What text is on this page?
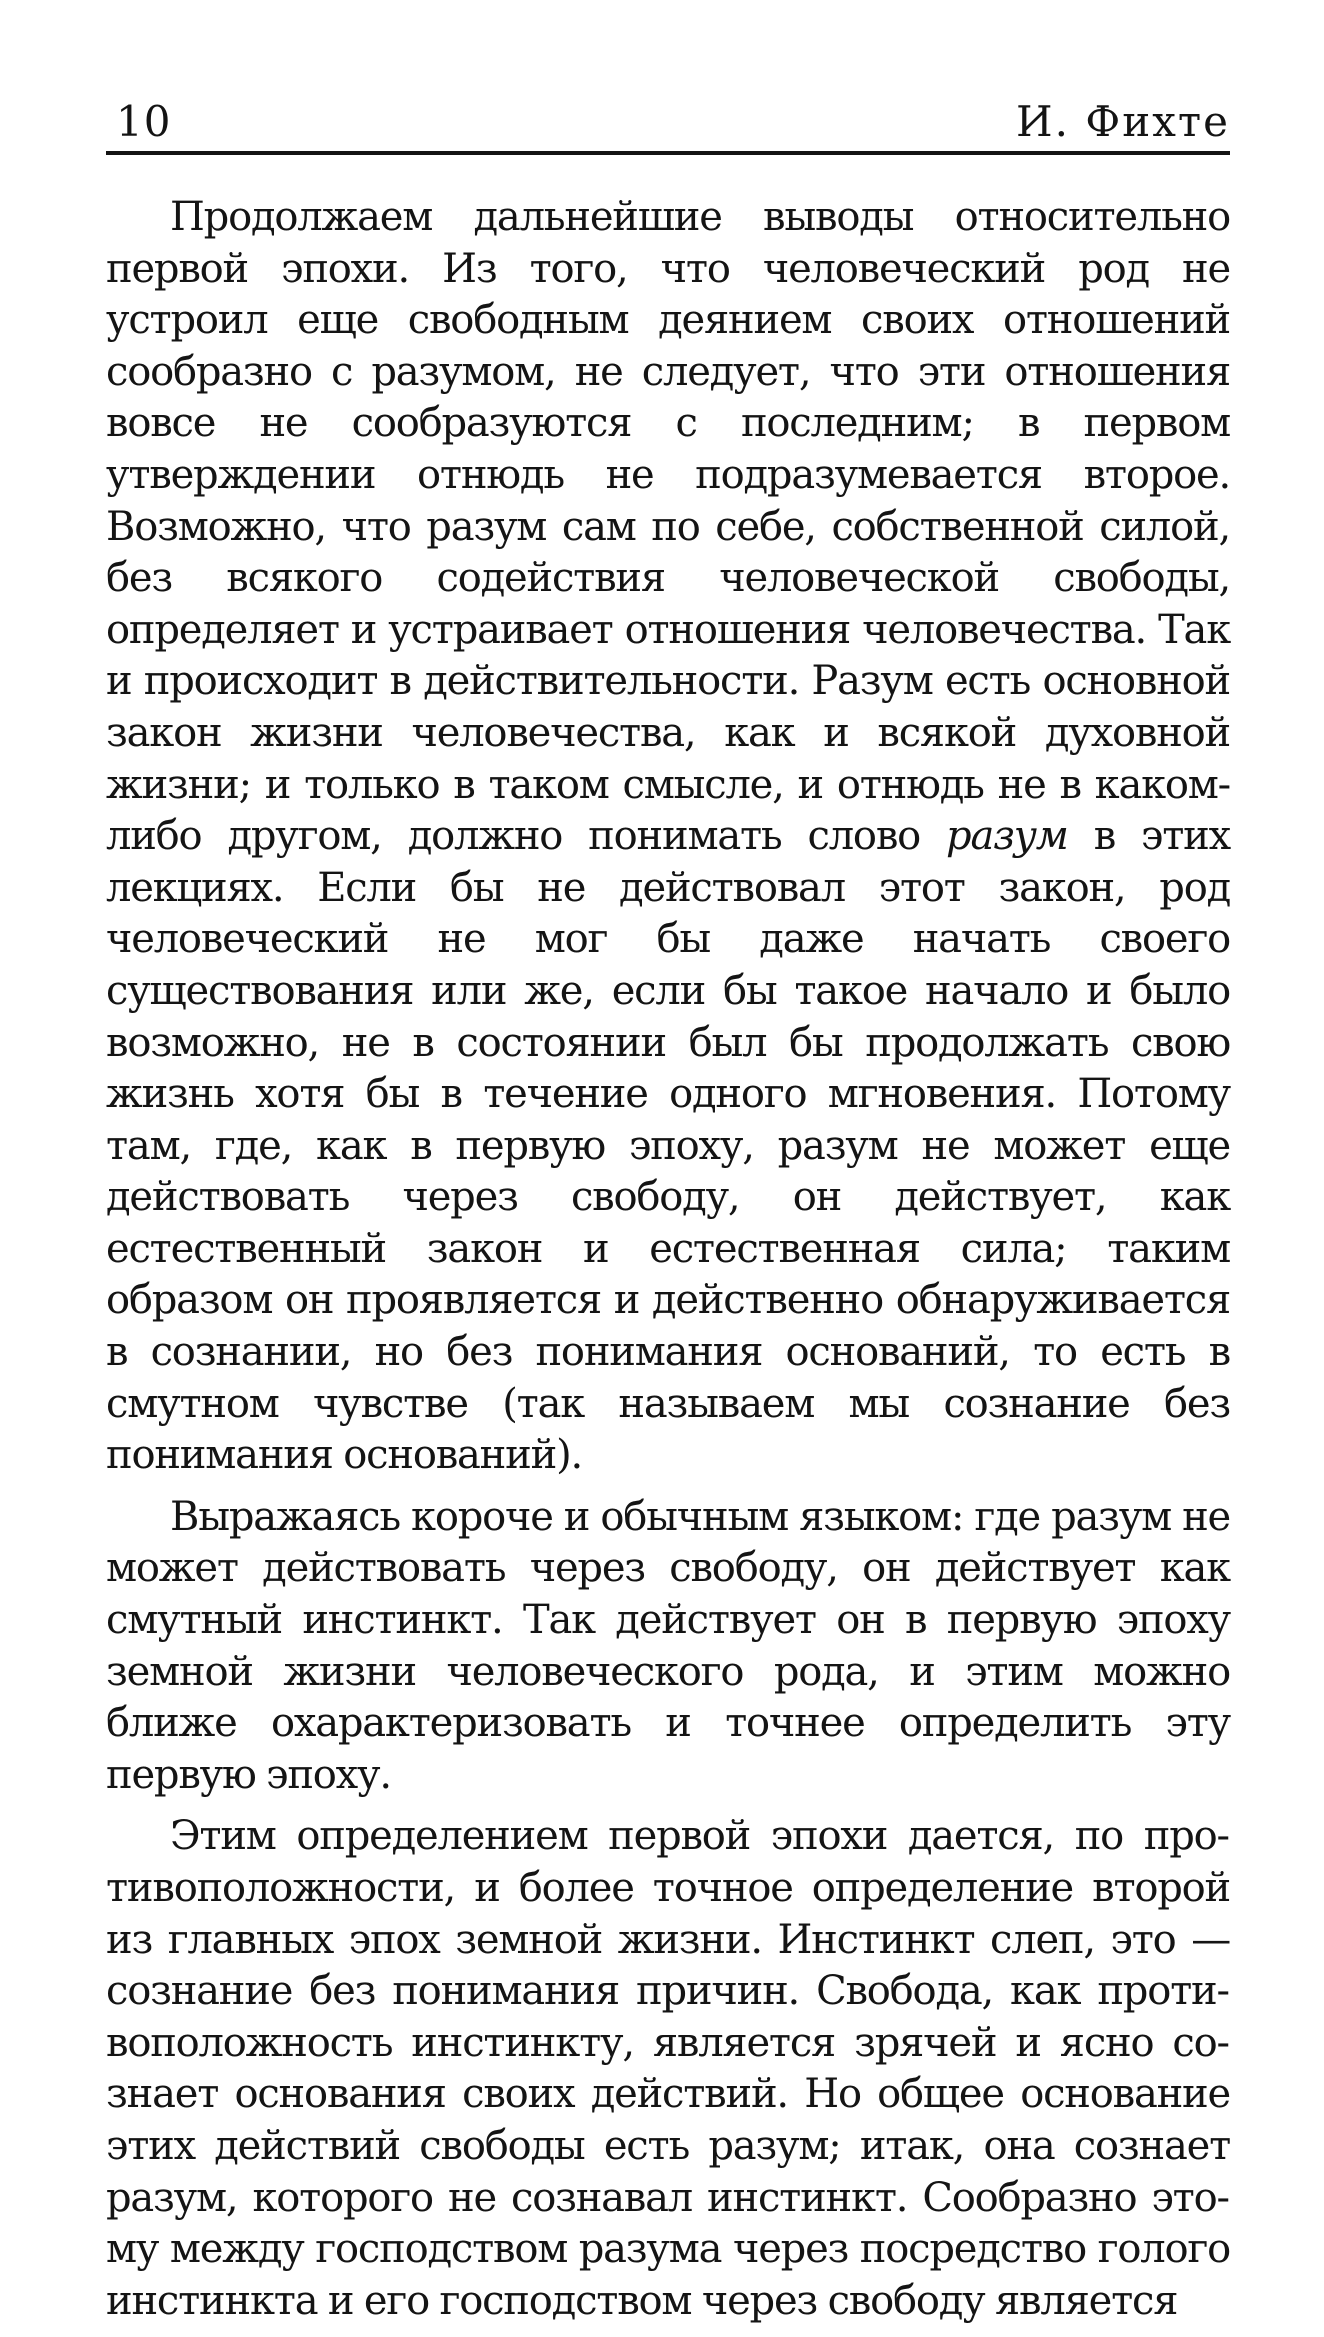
10	И. Фихте

Продолжаем дальнейшие выводы относительно первой эпохи. Из того, что человеческий род не устроил еще свободным деянием своих отношений сообразно с разумом, не следует, что эти отношения вовсе не сообразуются с последним; в первом утверждении отнюдь не подразумевается второе. Возможно, что разум сам по себе, собственной силой, без всякого содействия человеческой свободы, определяет и устраивает отношения человечества. Так и происходит в действительности. Разум есть основной закон жизни человечества, как и всякой духовной жизни; и только в таком смысле, и отнюдь не в каком-либо другом, должно понимать слово разум в этих лекциях. Если бы не действовал этот закон, род человеческий не мог бы даже начать своего существования или же, если бы такое начало и было возможно, не в состоянии был бы продолжать свою жизнь хотя бы в течение одного мгновения. Потому там, где, как в первую эпоху, разум не может еще действовать через свободу, он действует, как естественный закон и естественная сила; таким образом он проявляется и действенно обнаруживается в сознании, но без понимания оснований, то есть в смутном чувстве (так называем мы сознание без понимания оснований).

Выражаясь короче и обычным языком: где разум не может действовать через свободу, он действует как смутный инстинкт. Так действует он в первую эпоху земной жизни человеческого рода, и этим можно ближе охарактеризовать и точнее определить эту первую эпоху.

Этим определением первой эпохи дается, по противоположности, и более точное определение второй из главных эпох земной жизни. Инстинкт слеп, это — сознание без понимания причин. Свобода, как противоположность инстинкту, является зрячей и ясно сознает основания своих действий. Но общее основание этих действий свободы есть разум; итак, она сознает разум, которого не сознавал инстинкт. Сообразно этому между господством разума через посредство голого инстинкта и его господством через свободу является
